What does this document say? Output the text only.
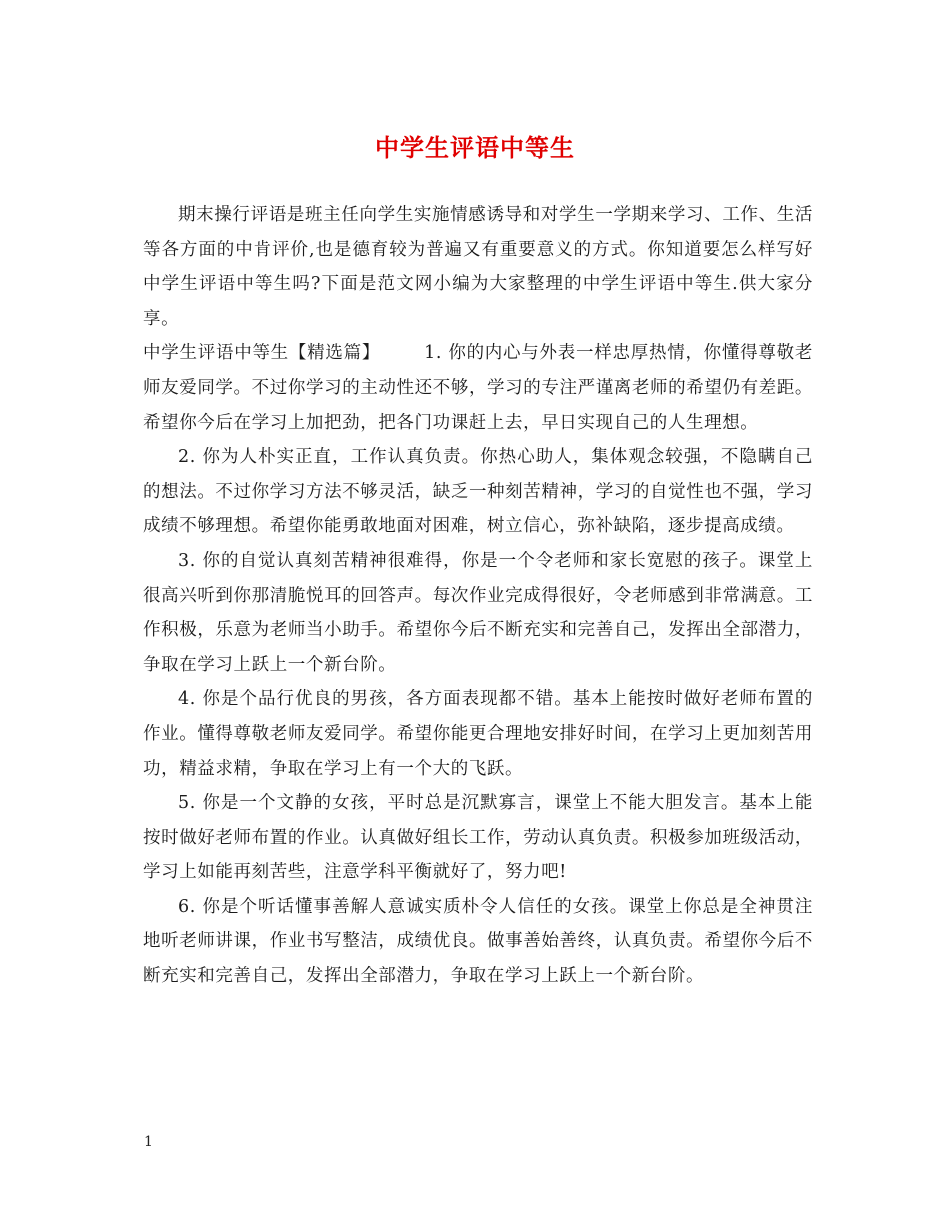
中学生评语中等生

期末操行评语是班主任向学生实施情感诱导和对学生一学期来学习、工作、生活等各方面的中肯评价,也是德育较为普遍又有重要意义的方式。你知道要怎么样写好中学生评语中等生吗?下面是范文网小编为大家整理的中学生评语中等生.供大家分享。

中学生评语中等生【精选篇】	1. 你的内心与外表一样忠厚热情，你懂得尊敬老师友爱同学。不过你学习的主动性还不够，学习的专注严谨离老师的希望仍有差距。希望你今后在学习上加把劲，把各门功课赶上去，早日实现自己的人生理想。

2. 你为人朴实正直，工作认真负责。你热心助人，集体观念较强，不隐瞒自己的想法。不过你学习方法不够灵活，缺乏一种刻苦精神，学习的自觉性也不强，学习成绩不够理想。希望你能勇敢地面对困难，树立信心，弥补缺陷，逐步提高成绩。

3. 你的自觉认真刻苦精神很难得，你是一个令老师和家长宽慰的孩子。课堂上很高兴听到你那清脆悦耳的回答声。每次作业完成得很好，令老师感到非常满意。工作积极，乐意为老师当小助手。希望你今后不断充实和完善自己，发挥出全部潜力，争取在学习上跃上一个新台阶。

4. 你是个品行优良的男孩，各方面表现都不错。基本上能按时做好老师布置的作业。懂得尊敬老师友爱同学。希望你能更合理地安排好时间，在学习上更加刻苦用功，精益求精，争取在学习上有一个大的飞跃。

5. 你是一个文静的女孩，平时总是沉默寡言，课堂上不能大胆发言。基本上能按时做好老师布置的作业。认真做好组长工作，劳动认真负责。积极参加班级活动，学习上如能再刻苦些，注意学科平衡就好了，努力吧!

6. 你是个听话懂事善解人意诚实质朴令人信任的女孩。课堂上你总是全神贯注地听老师讲课，作业书写整洁，成绩优良。做事善始善终，认真负责。希望你今后不断充实和完善自己，发挥出全部潜力，争取在学习上跃上一个新台阶。

1
